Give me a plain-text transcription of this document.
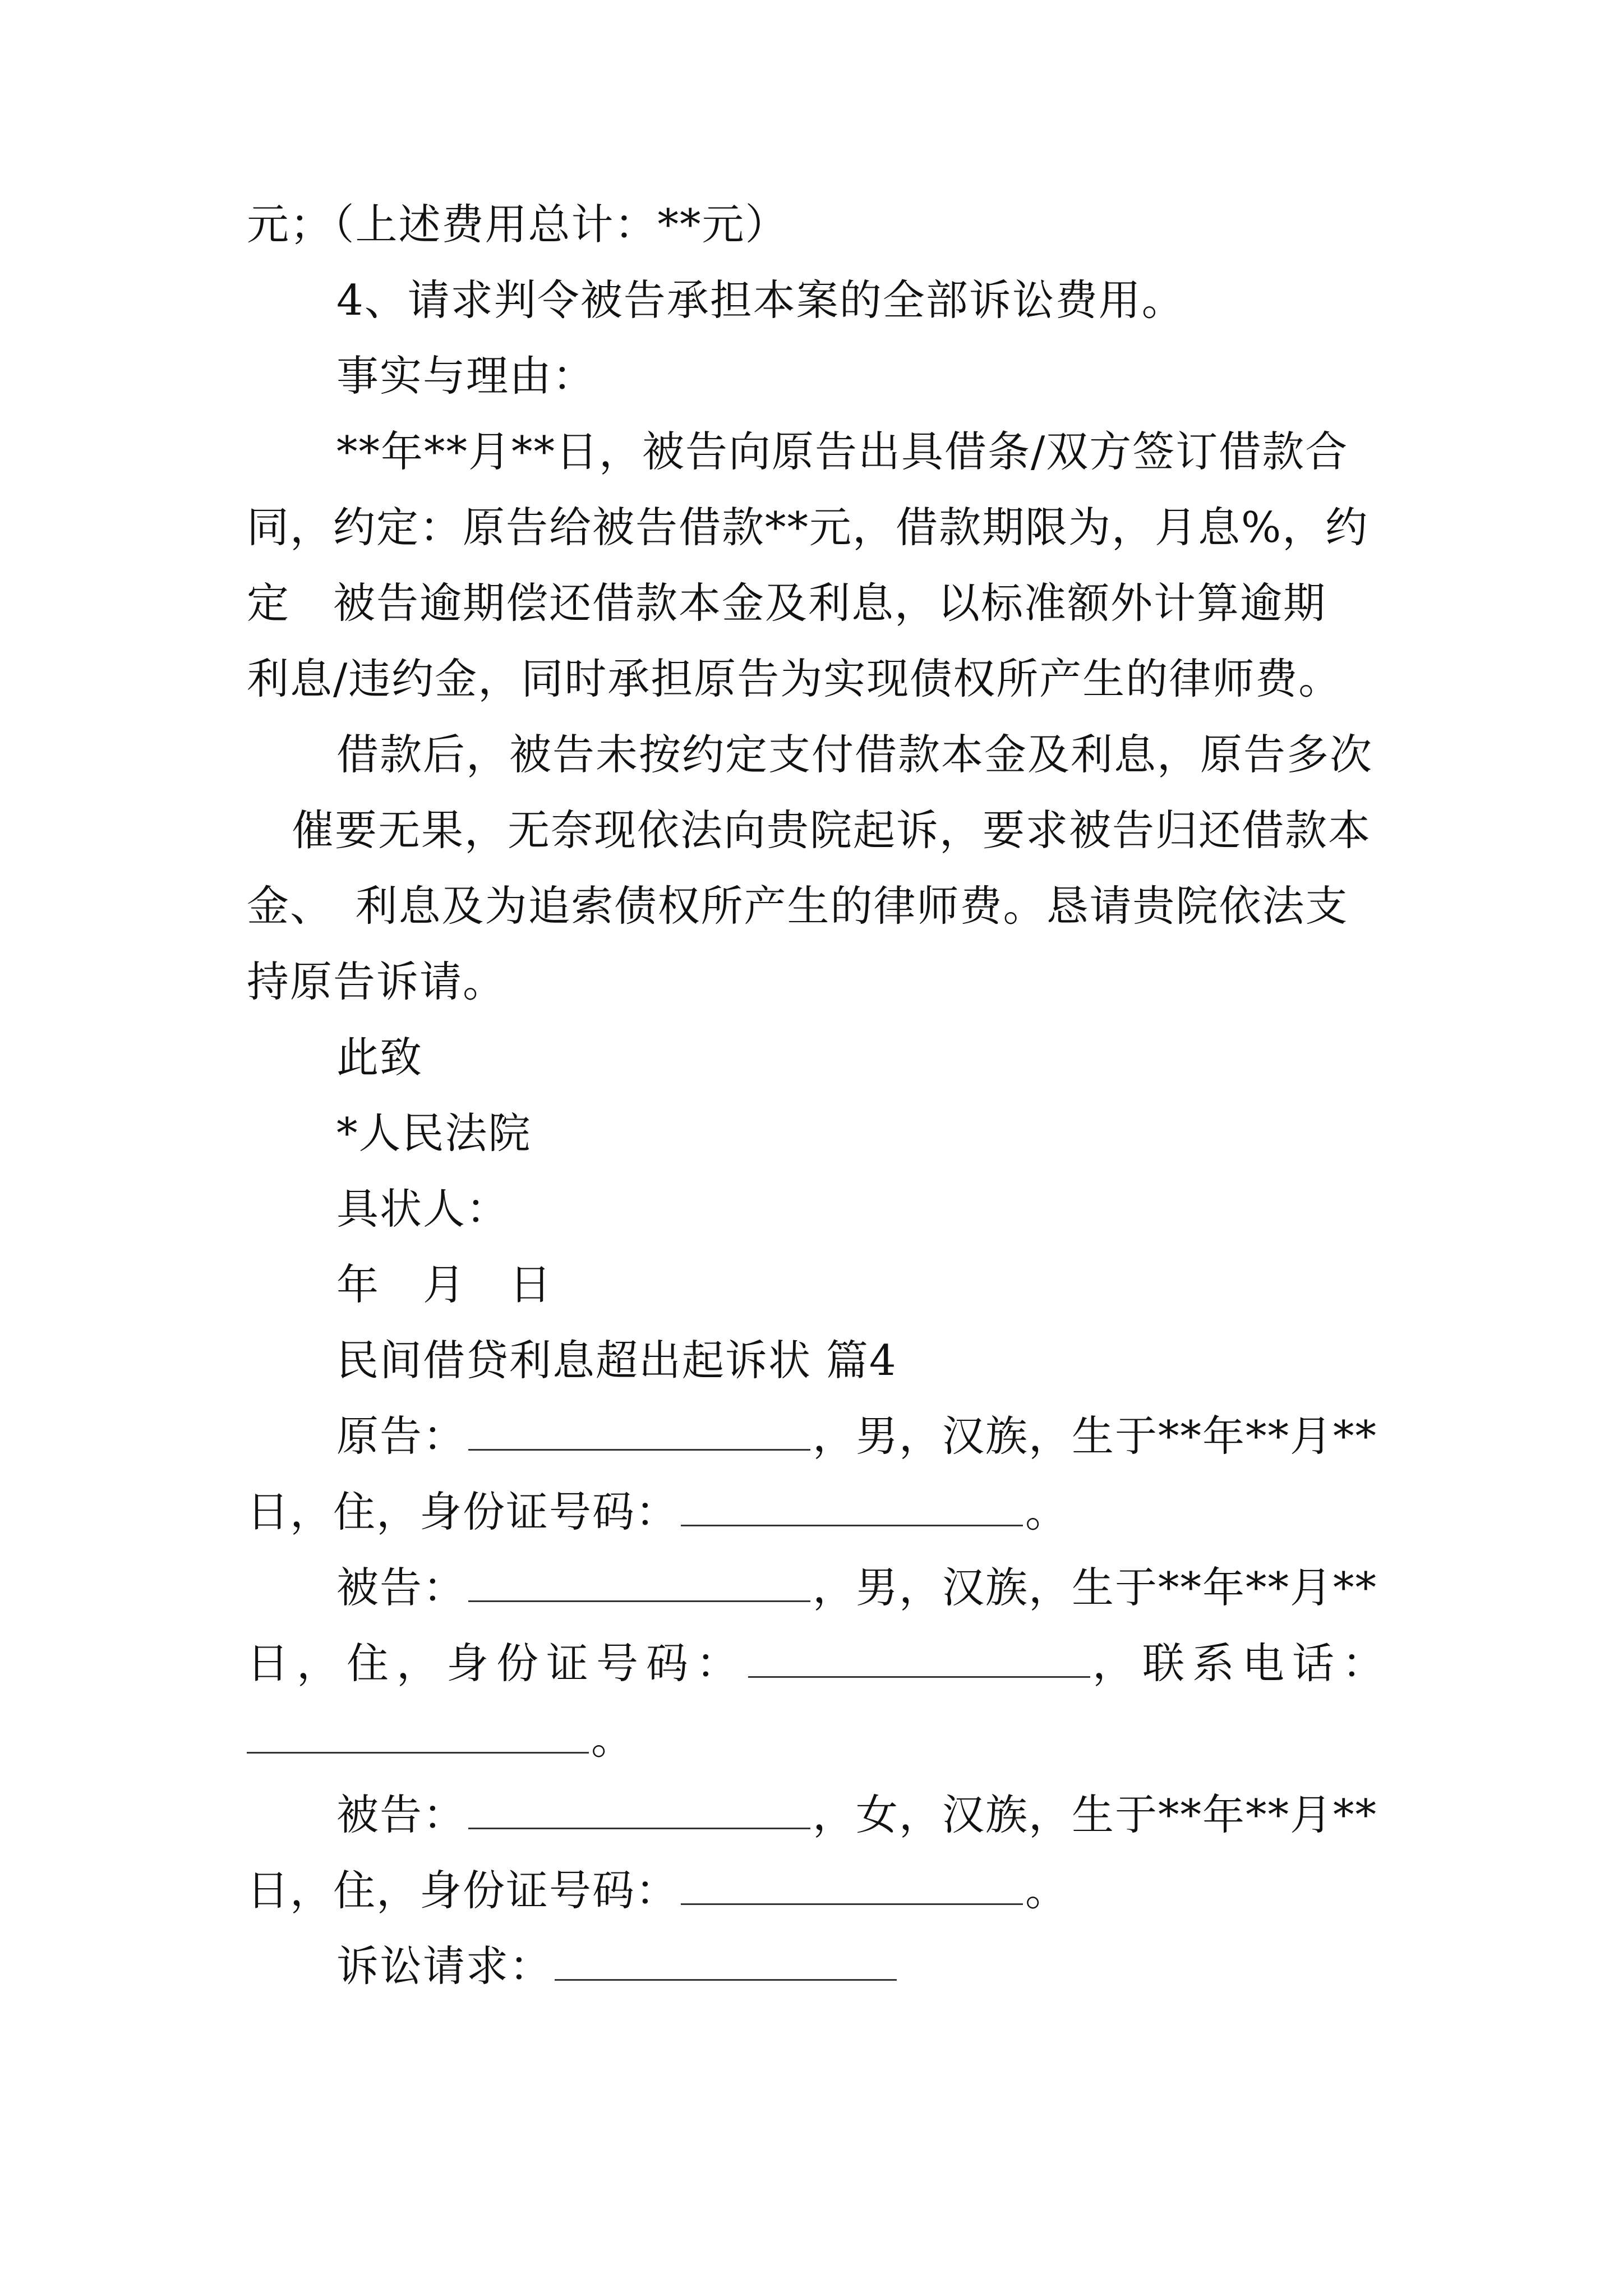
元；（上述费用总计：**元）
4、请求判令被告承担本案的全部诉讼费用。
事实与理由：
**年**月**日，被告向原告出具借条/双方签订借款合
同，约定：原告给被告借款**元，借款期限为，月息%，约
定　被告逾期偿还借款本金及利息，以标准额外计算逾期
利息/违约金，同时承担原告为实现债权所产生的律师费。
借款后，被告未按约定支付借款本金及利息，原告多次
催要无果，无奈现依法向贵院起诉，要求被告归还借款本
金、　利息及为追索债权所产生的律师费。恳请贵院依法支
持原告诉请。
此致
*人民法院
具状人：
年　月　日
民间借贷利息超出起诉状 篇4
原告：	，男，汉族，生于**年**月**
日，住，身份证号码：	。
被告：	，男，汉族，生于**年**月**
日，住，身份证号码：	，联系电话：
。
被告：	，女，汉族，生于**年**月**
日，住，身份证号码：	。
诉讼请求：
